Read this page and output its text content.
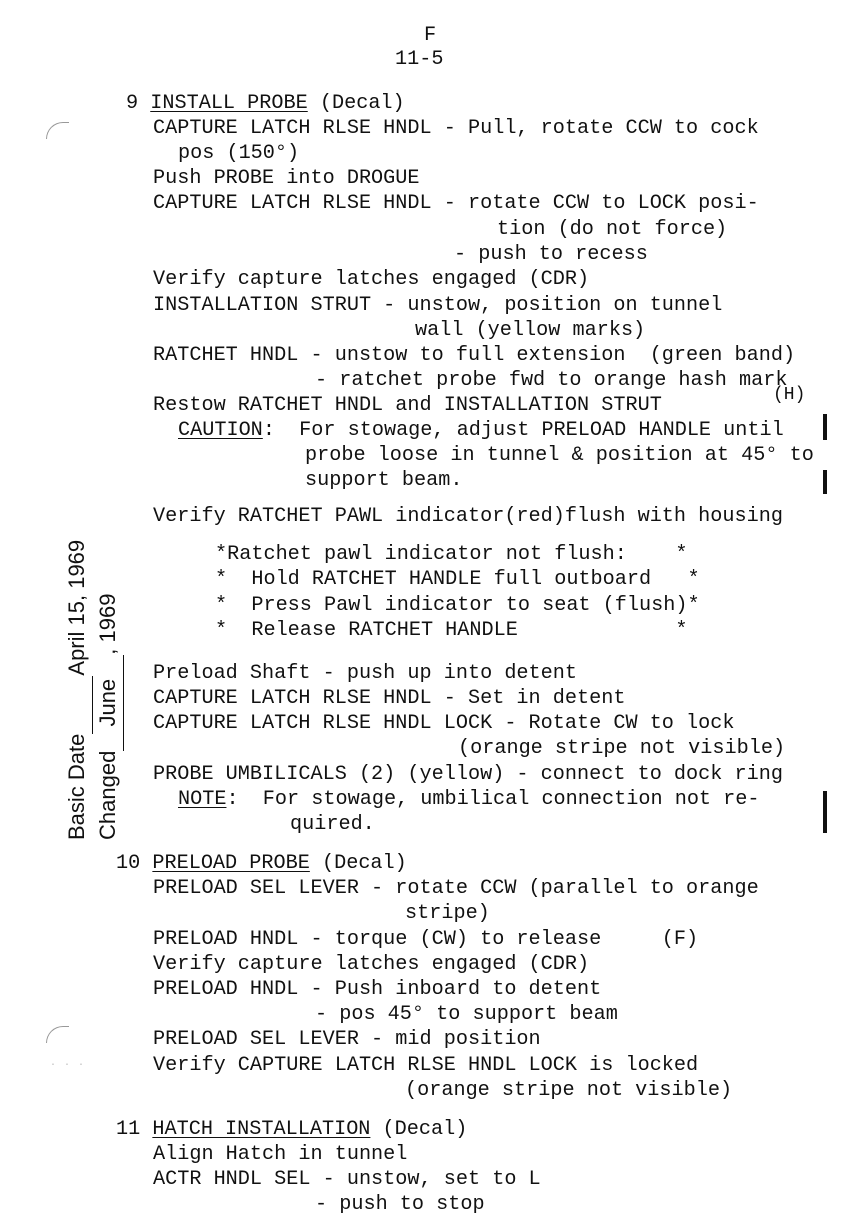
F
11-5
9 INSTALL PROBE (Decal)
CAPTURE LATCH RLSE HNDL - Pull, rotate CCW to cock
pos (150°)
Push PROBE into DROGUE
CAPTURE LATCH RLSE HNDL - rotate CCW to LOCK posi-
tion (do not force)
- push to recess
Verify capture latches engaged (CDR)
INSTALLATION STRUT - unstow, position on tunnel
wall (yellow marks)
RATCHET HNDL - unstow to full extension  (green band)
- ratchet probe fwd to orange hash mark
Restow RATCHET HNDL and INSTALLATION STRUT	(H)
CAUTION:  For stowage, adjust PRELOAD HANDLE until
probe loose in tunnel & position at 45° to
support beam.
Verify RATCHET PAWL indicator(red)flush with housing
*Ratchet pawl indicator not flush:    *
*  Hold RATCHET HANDLE full outboard   *
*  Press Pawl indicator to seat (flush)*
*  Release RATCHET HANDLE             *
Preload Shaft - push up into detent
CAPTURE LATCH RLSE HNDL - Set in detent
CAPTURE LATCH RLSE HNDL LOCK - Rotate CW to lock
(orange stripe not visible)
PROBE UMBILICALS (2) (yellow) - connect to dock ring
NOTE:  For stowage, umbilical connection not re-
quired.
10 PRELOAD PROBE (Decal)
PRELOAD SEL LEVER - rotate CCW (parallel to orange
stripe)
PRELOAD HNDL - torque (CW) to release     (F)
Verify capture latches engaged (CDR)
PRELOAD HNDL - Push inboard to detent
- pos 45° to support beam
PRELOAD SEL LEVER - mid position
Verify CAPTURE LATCH RLSE HNDL LOCK is locked
(orange stripe not visible)
11 HATCH INSTALLATION (Decal)
Align Hatch in tunnel
ACTR HNDL SEL - unstow, set to L
- push to stop
Basic Date April 15, 1969
ChangedJune, 1969
· · ·
